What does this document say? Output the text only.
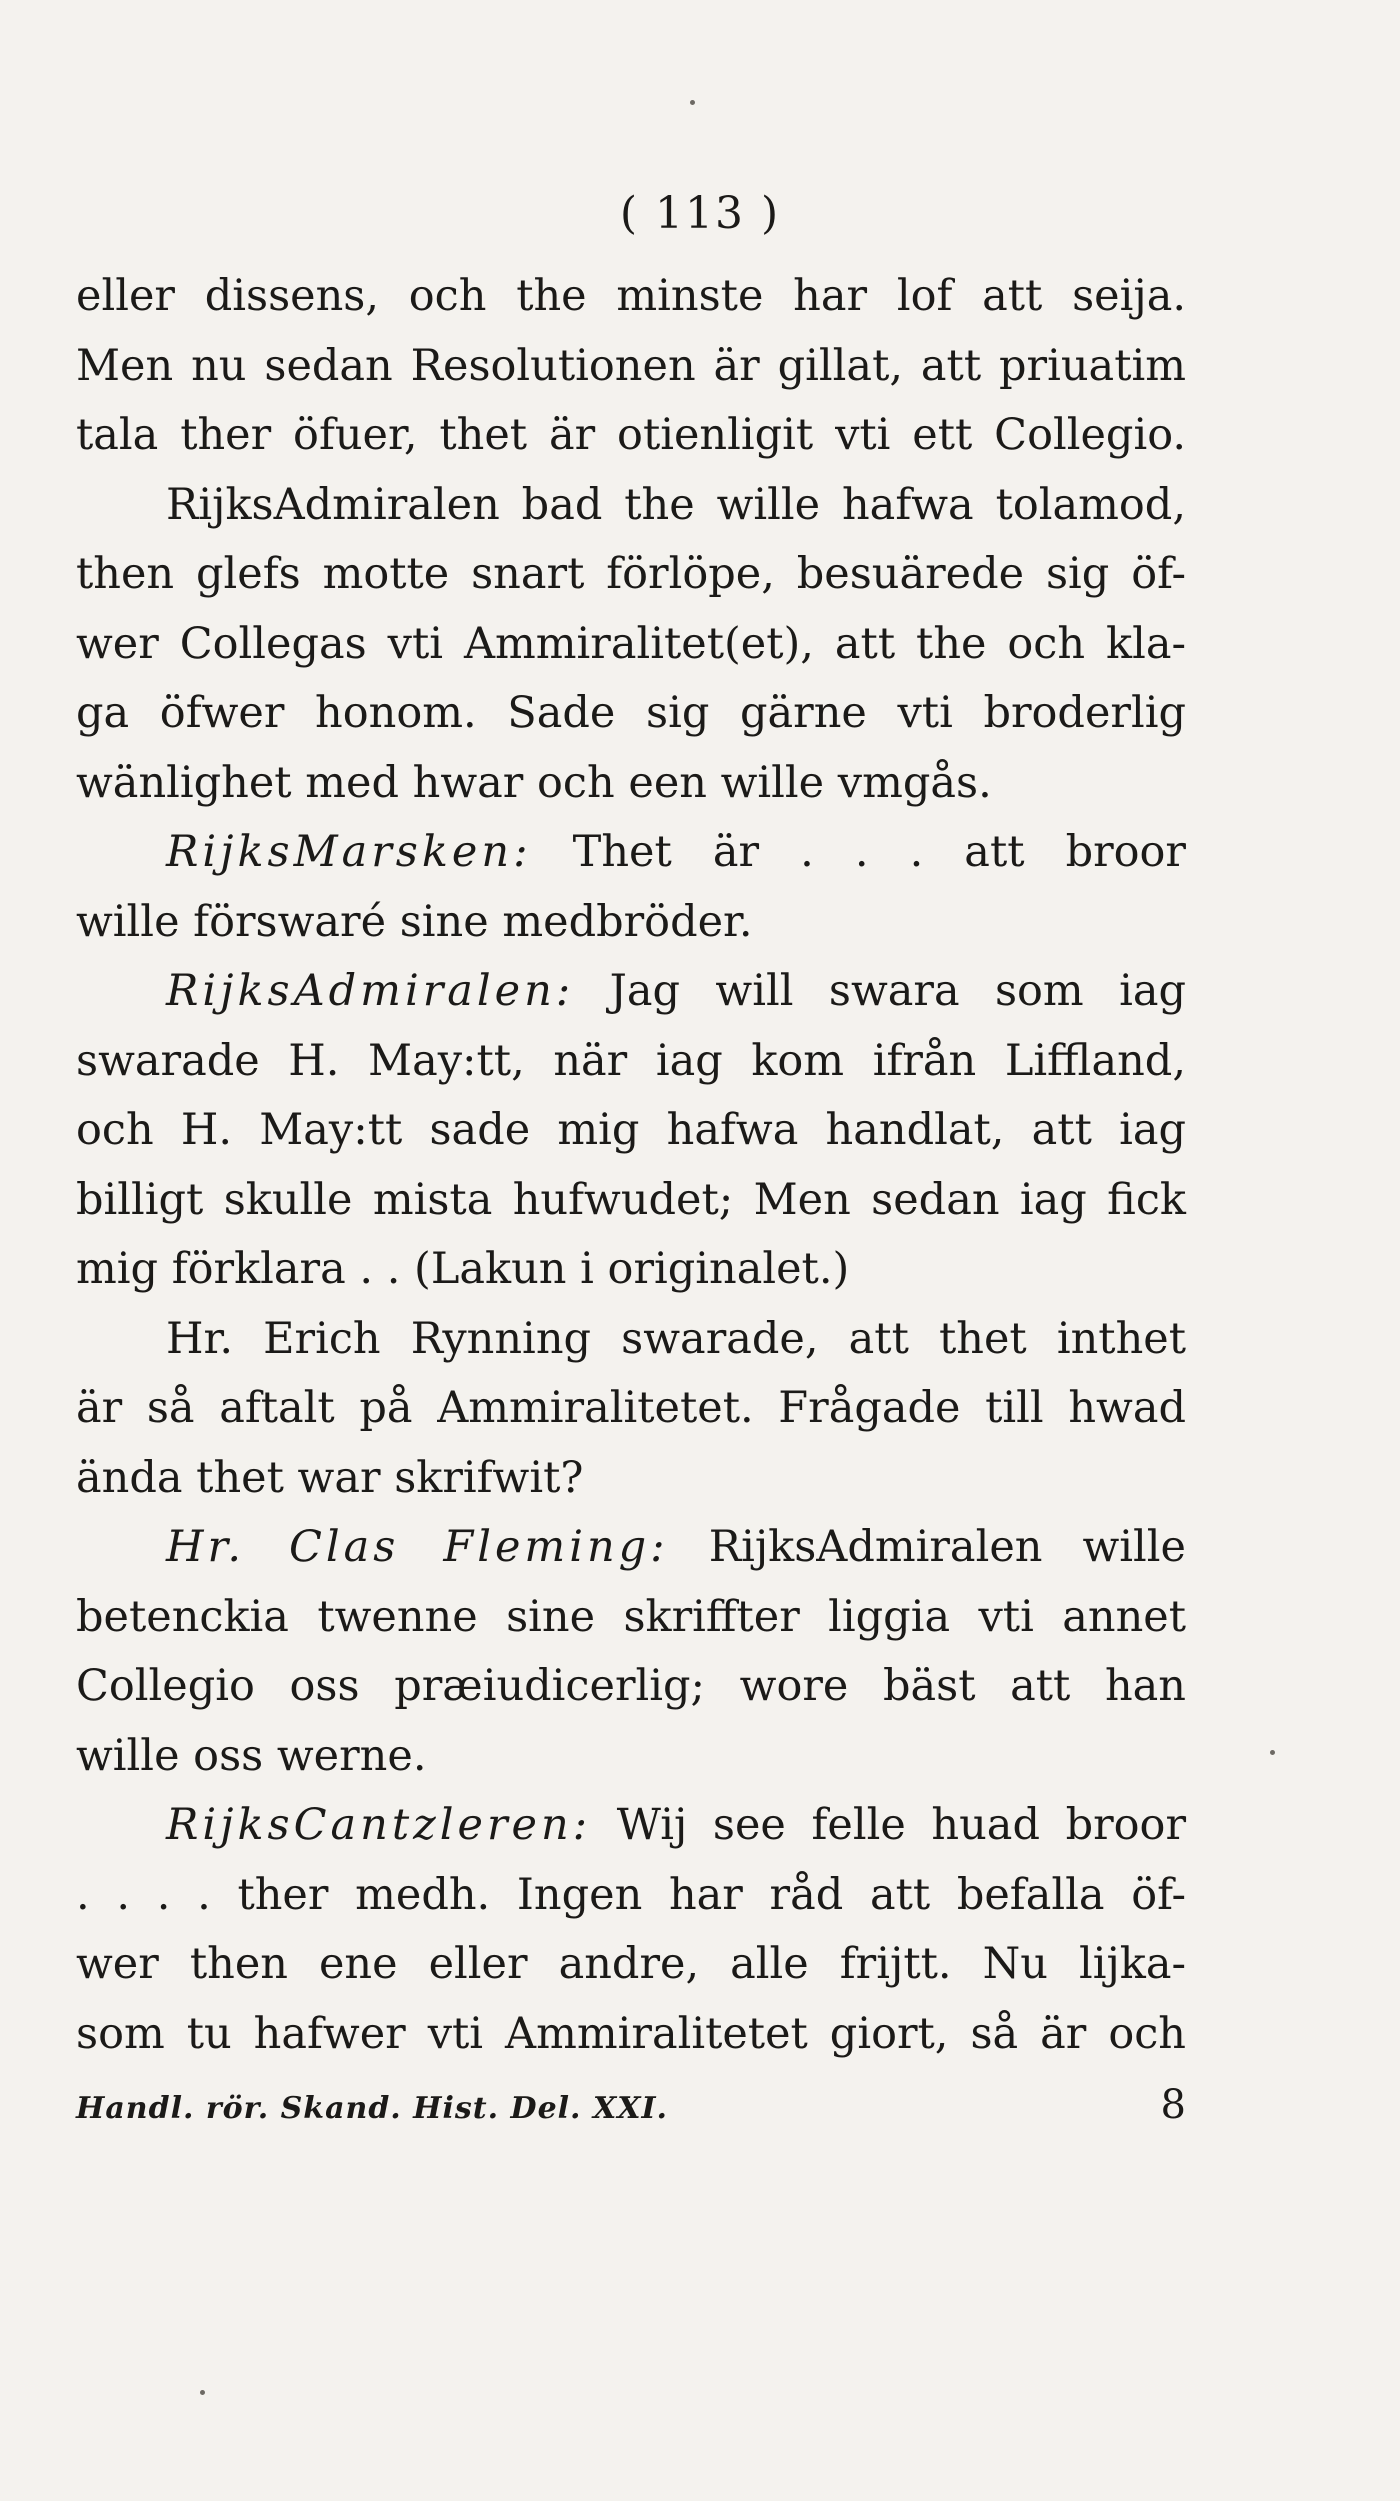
( 113 )
eller dissens, och the minste har lof att seija.
Men nu sedan Resolutionen är gillat, att priuatim
tala ther öfuer, thet är otienligit vti ett Collegio.
RijksAdmiralen bad the wille hafwa tolamod,
then glefs motte snart förlöpe, besuärede sig öf-
wer Collegas vti Ammiralitet(et), att the och kla-
ga öfwer honom. Sade sig gärne vti broderlig
wänlighet med hwar och een wille vmgås.
RijksMarsken: Thet är . . . att broor
wille förswaré sine medbröder.
RijksAdmiralen: Jag will swara som iag
swarade H. May:tt, när iag kom ifrån Liffland,
och H. May:tt sade mig hafwa handlat, att iag
billigt skulle mista hufwudet; Men sedan iag fick
mig förklara . . (Lakun i originalet.)
Hr. Erich Rynning swarade, att thet inthet
är så aftalt på Ammiralitetet. Frågade till hwad
ända thet war skrifwit?
Hr. Clas Fleming: RijksAdmiralen wille
betenckia twenne sine skriffter liggia vti annet
Collegio oss præiudicerlig; wore bäst att han
wille oss werne.
RijksCantzleren: Wij see felle huad broor
. . . . ther medh. Ingen har råd att befalla öf-
wer then ene eller andre, alle frijtt. Nu lijka-
som tu hafwer vti Ammiralitetet giort, så är och
Handl. rör. Skand. Hist. Del. XXI.	8
